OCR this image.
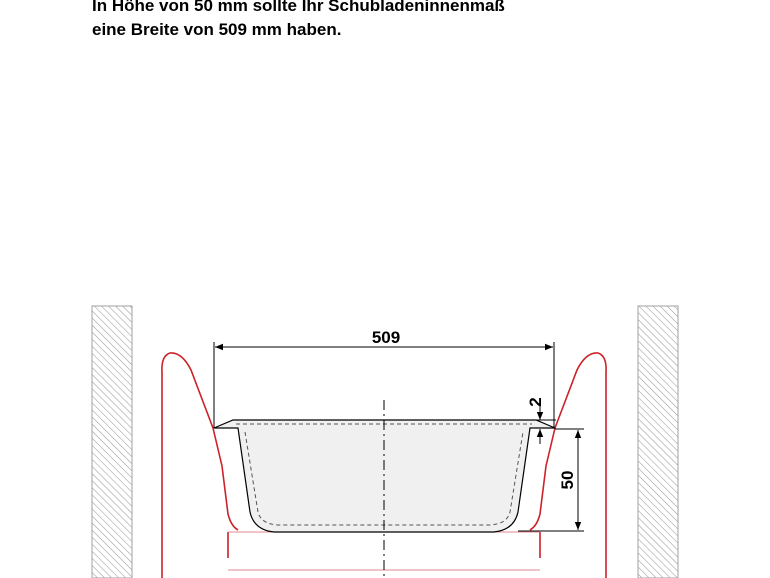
In Höhe von 50 mm sollte Ihr Schubladeninnenmaß
eine Breite von 509 mm haben.
509
2
50
